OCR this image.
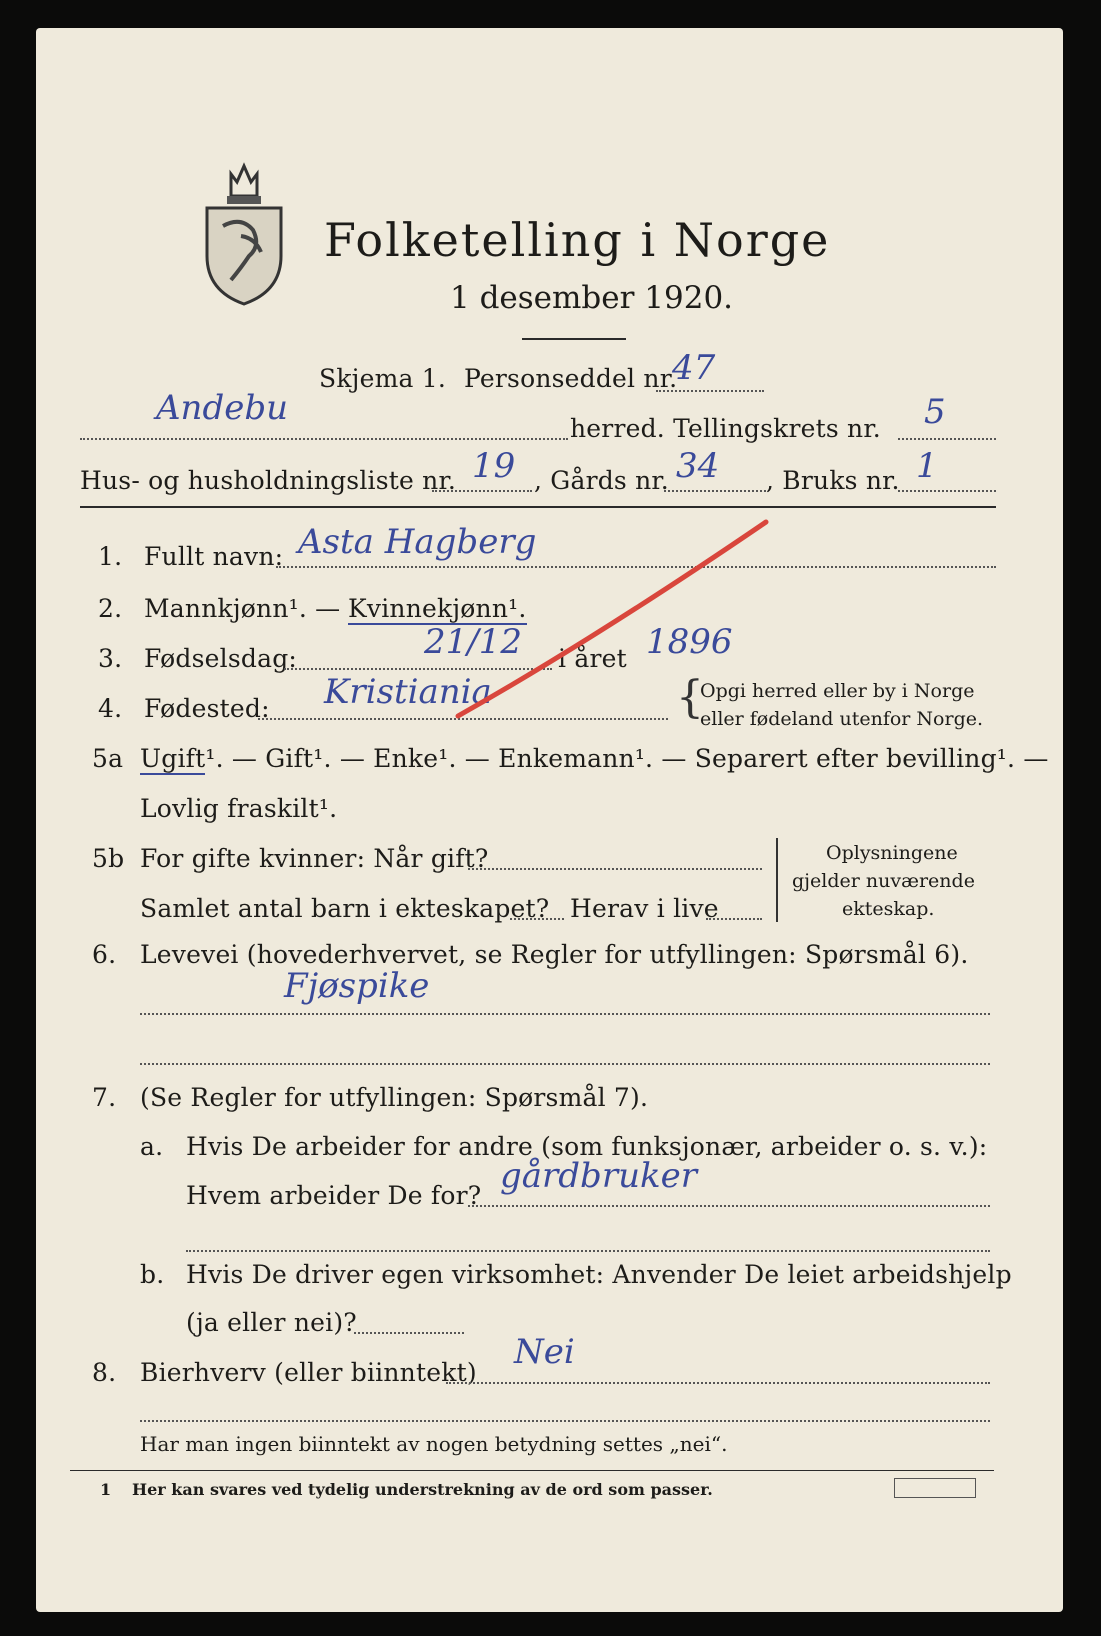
Folketelling i Norge
1 desember 1920.
Skjema 1. Personseddel nr.
47
Andebu
herred. Tellingskrets nr. 5
Hus- og husholdningsliste nr. 19 , Gårds nr. 34 , Bruks nr. 1
1. Fullt navn: Asta Hagberg
2. Mannkjønn¹. — Kvinnekjønn¹.
3. Fødselsdag:	21/12 i året 1896
4. Fødested: Kristiania	{
Opgi herred eller by i Norge
eller fødeland utenfor Norge.
5a Ugift¹. — Gift¹. — Enke¹. — Enkemann¹. — Separert efter bevilling¹. —
Lovlig fraskilt¹.
5b For gifte kvinner: Når gift?
Samlet antal barn i ekteskapet? Herav i live
Oplysningene
gjelder nuværende
ekteskap.
6. Levevei (hovederhvervet, se Regler for utfyllingen: Spørsmål 6).
Fjøspike
7. (Se Regler for utfyllingen: Spørsmål 7).
a. Hvis De arbeider for andre (som funksjonær, arbeider o. s. v.):
Hvem arbeider De for? gårdbruker
b. Hvis De driver egen virksomhet: Anvender De leiet arbeidshjelp
(ja eller nei)?
8. Bierhverv (eller biinntekt)
Nei
Har man ingen biinntekt av nogen betydning settes „nei“.
1 Her kan svares ved tydelig understrekning av de ord som passer.
